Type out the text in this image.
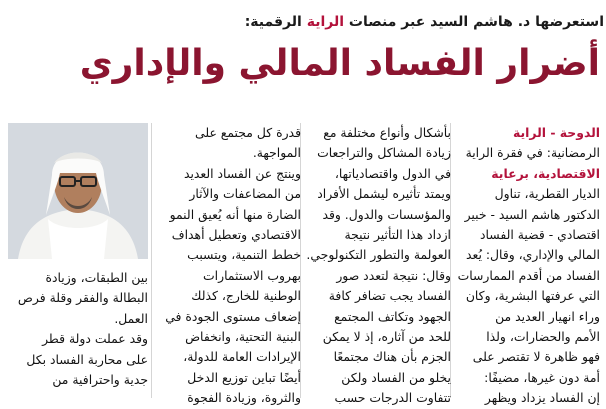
استعرضها د. هاشم السيد عبر منصات الراية الرقمية:
أضرار الفساد المالي والإداري
الدوحة - الراية
الرمضانية: في فقرة الراية
الاقتصادية، برعاية
الديار القطرية، تناول
الدكتور هاشم السيد - خبير
اقتصادي - قضية الفساد
المالي والإداري، وقال: يُعد
الفساد من أقدم الممارسات
التي عرفتها البشرية، وكان
وراء انهيار العديد من
الأمم والحضارات، ولذا
فهو ظاهرة لا تقتصر على
أمة دون غيرها، مضيفًا:
إن الفساد يزداد ويظهر
بأشكال وأنواع مختلفة مع
زيادة المشاكل والتراجعات
في الدول واقتصادياتها،
ويمتد تأثيره ليشمل الأفراد
والمؤسسات والدول. وقد
ازداد هذا التأثير نتيجة
العولمة والتطور التكنولوجي.
وقال: نتيجة لتعدد صور
الفساد يجب تضافر كافة
الجهود وتكاتف المجتمع
للحد من آثاره، إذ لا يمكن
الجزم بأن هناك مجتمعًا
يخلو من الفساد ولكن
تتفاوت الدرجات حسب
قدرة كل مجتمع على
المواجهة.
وينتج عن الفساد العديد
من المضاعفات والآثار
الضارة منها أنه يُعيق النمو
الاقتصادي وتعطيل أهداف
خطط التنمية، ويتسبب
بهروب الاستثمارات
الوطنية للخارج، كذلك
إضعاف مستوى الجودة في
البنية التحتية، وانخفاض
الإيرادات العامة للدولة،
أيضًا تباين توزيع الدخل
والثروة، وزيادة الفجوة
بين الطبقات، وزيادة
البطالة والفقر وقلة فرص
العمل.
وقد عملت دولة قطر
على محاربة الفساد بكل
جدية واحترافية من
